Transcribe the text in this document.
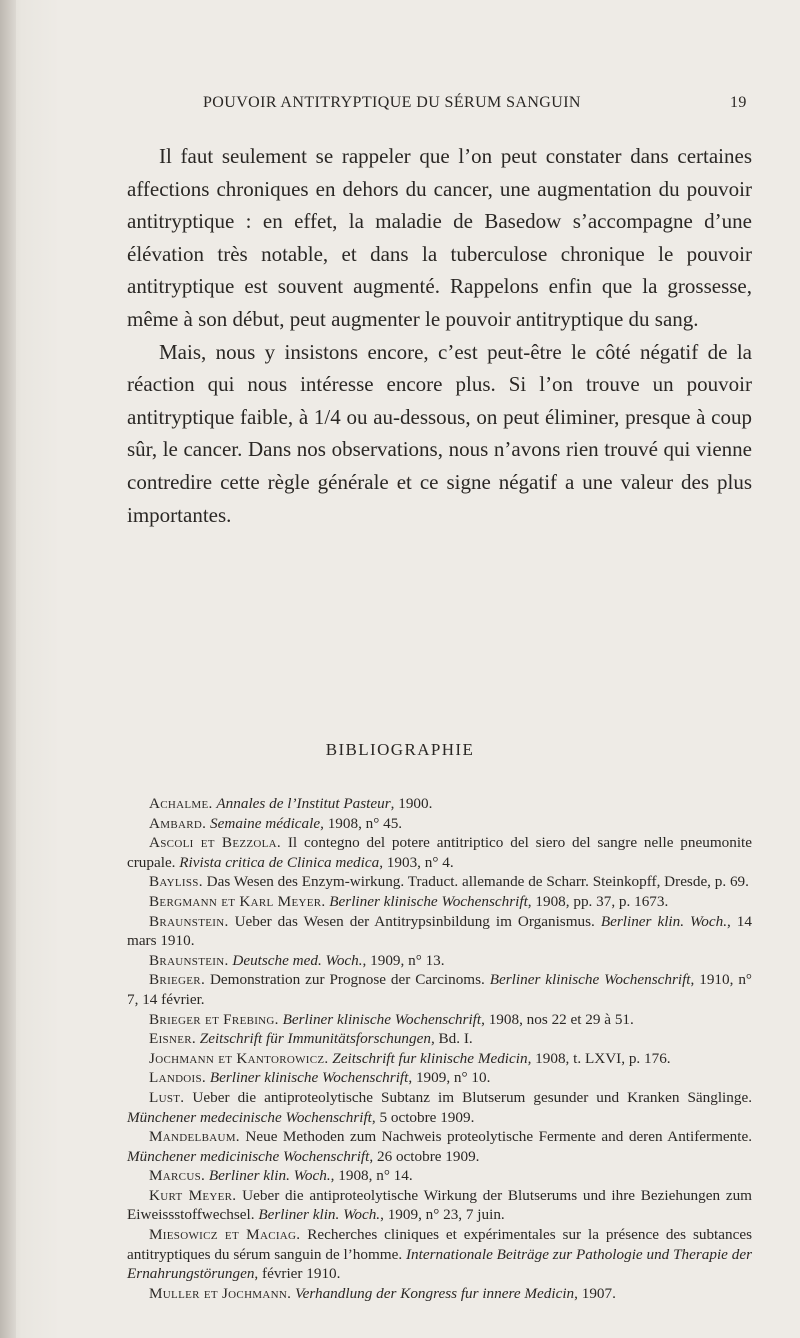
POUVOIR ANTITRYPTIQUE DU SÉRUM SANGUIN	19

Il faut seulement se rappeler que l’on peut constater dans certaines affections chroniques en dehors du cancer, une augmentation du pouvoir antitryptique : en effet, la maladie de Basedow s’accompagne d’une élévation très notable, et dans la tuberculose chronique le pouvoir antitryptique est souvent augmenté. Rappelons enfin que la grossesse, même à son début, peut augmenter le pouvoir antitryptique du sang.

Mais, nous y insistons encore, c’est peut-être le côté négatif de la réaction qui nous intéresse encore plus. Si l’on trouve un pouvoir antitryptique faible, à 1/4 ou au-dessous, on peut éliminer, presque à coup sûr, le cancer. Dans nos observations, nous n’avons rien trouvé qui vienne contredire cette règle générale et ce signe négatif a une valeur des plus importantes.

BIBLIOGRAPHIE

Achalme. Annales de l’Institut Pasteur, 1900.

Ambard. Semaine médicale, 1908, n° 45.

Ascoli et Bezzola. Il contegno del potere antitriptico del siero del sangre nelle pneumonite crupale. Rivista critica de Clinica medica, 1903, n° 4.

Bayliss. Das Wesen des Enzym-wirkung. Traduct. allemande de Scharr. Steinkopff, Dresde, p. 69.

Bergmann et Karl Meyer. Berliner klinische Wochenschrift, 1908, pp. 37, p. 1673.

Braunstein. Ueber das Wesen der Antitrypsinbildung im Organismus. Berliner klin. Woch., 14 mars 1910.

Braunstein. Deutsche med. Woch., 1909, n° 13.

Brieger. Demonstration zur Prognose der Carcinoms. Berliner klinische Wochenschrift, 1910, n° 7, 14 février.

Brieger et Frebing. Berliner klinische Wochenschrift, 1908, nos 22 et 29 à 51.

Eisner. Zeitschrift für Immunitätsforschungen, Bd. I.

Jochmann et Kantorowicz. Zeitschrift fur klinische Medicin, 1908, t. LXVI, p. 176.

Landois. Berliner klinische Wochenschrift, 1909, n° 10.

Lust. Ueber die antiproteolytische Subtanz im Blutserum gesunder und Kranken Sänglinge. Münchener medecinische Wochenschrift, 5 octobre 1909.

Mandelbaum. Neue Methoden zum Nachweis proteolytische Fermente and deren Antifermente. Münchener medicinische Wochenschrift, 26 octobre 1909.

Marcus. Berliner klin. Woch., 1908, n° 14.

Kurt Meyer. Ueber die antiproteolytische Wirkung der Blutserums und ihre Beziehungen zum Eiweissstoffwechsel. Berliner klin. Woch., 1909, n° 23, 7 juin.

Miesowicz et Maciag. Recherches cliniques et expérimentales sur la présence des subtances antitryptiques du sérum sanguin de l’homme. Internationale Beiträge zur Pathologie und Therapie der Ernahrungstörungen, février 1910.

Muller et Jochmann. Verhandlung der Kongress fur innere Medicin, 1907.
